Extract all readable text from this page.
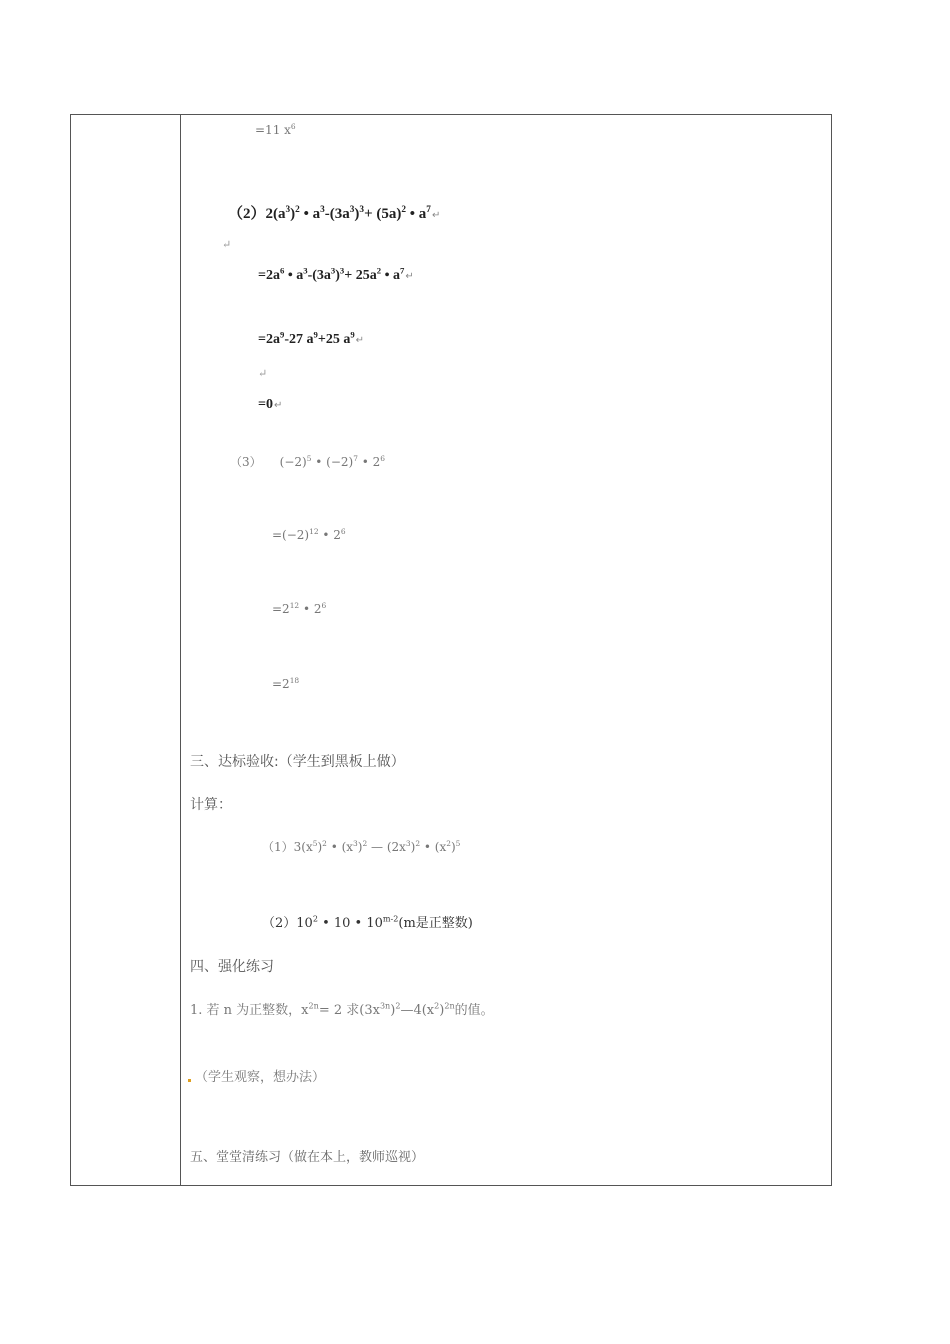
=11 $x^6$
$(2)2(a^3)^2$ • $a^3-(3a^3)^3+ (5a)^2$ • $a^7↵$
↵
$=2a^6$ • $a^3-(3a^3)^3+ 25a^2$ • $a^7↵$
$=2a^9-27$ $a^9+25$ $a^9↵$
↵
=0↵
（3） $(-2)^5$ • $(-2)^7$ • $2^6$
$=(-2)^{12}$ • $2^6$
$=2^{12}$ • $2^6$
$=2^{18}$
三、达标验收:（学生到黑板上做）
计算：
$(1)3(x^5)^2$ • $(x^3)^2$ — $(2x^3)^2$ • $(x^2)^5$
$(2)10^2$ • 10 • 10$^{m-2}$(m是正整数)
四、强化练习
1. 若 n 为正整数，$x^{2n}= 2$ 求$(3x^{3n})^2—4(x^2)^{2n}$的值。
（学生观察，想办法）
五、堂堂清练习（做在本上，教师巡视）
